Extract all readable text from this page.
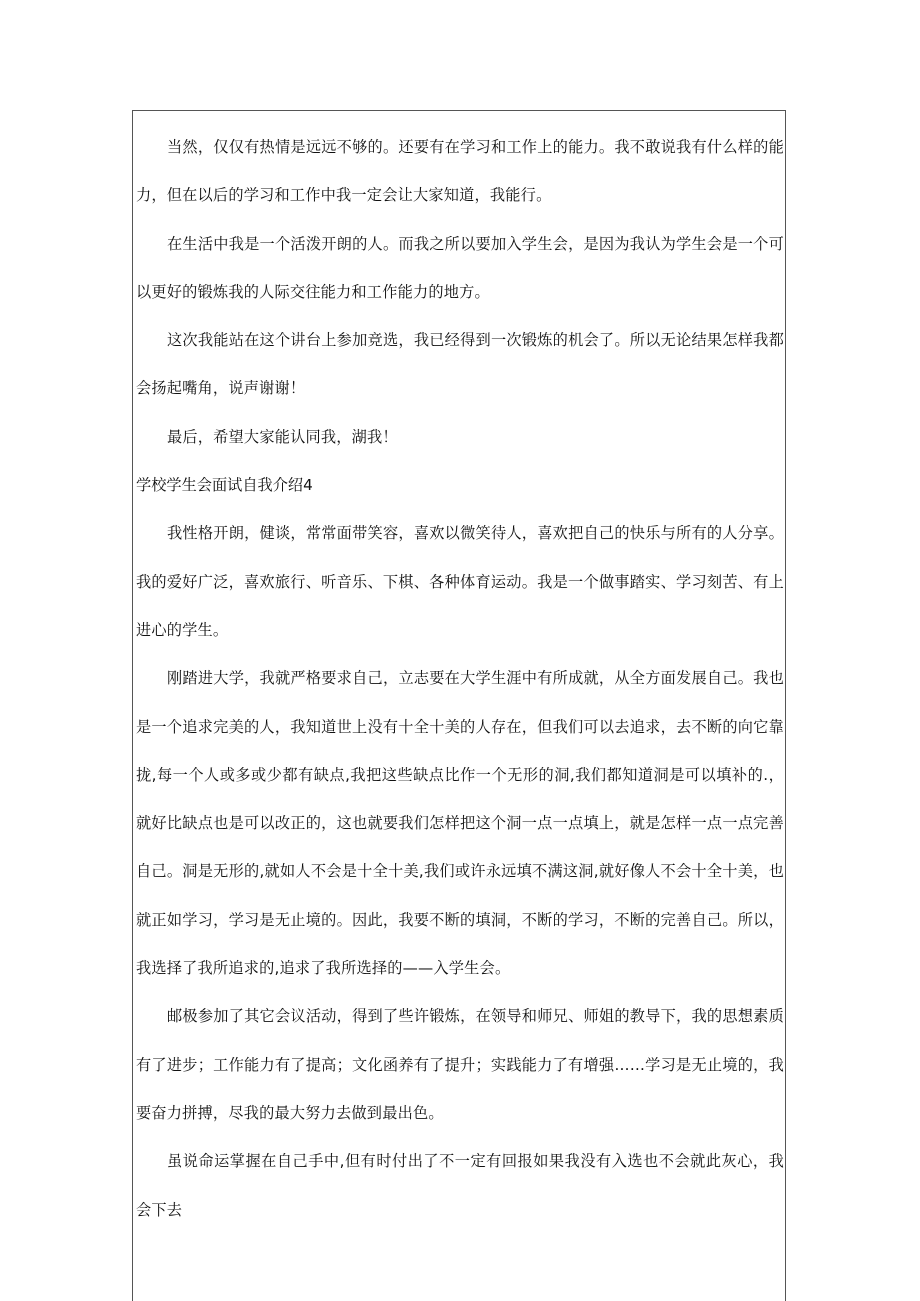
当然，仅仅有热情是远远不够的。还要有在学习和工作上的能力。我不敢说我有什么样的能力，但在以后的学习和工作中我一定会让大家知道，我能行。

在生活中我是一个活泼开朗的人。而我之所以要加入学生会，是因为我认为学生会是一个可以更好的锻炼我的人际交往能力和工作能力的地方。

这次我能站在这个讲台上参加竞选，我已经得到一次锻炼的机会了。所以无论结果怎样我都会扬起嘴角，说声谢谢！

最后，希望大家能认同我，湖我！

学校学生会面试自我介绍4

我性格开朗，健谈，常常面带笑容，喜欢以微笑待人，喜欢把自己的快乐与所有的人分享。我的爱好广泛，喜欢旅行、听音乐、下棋、各种体育运动。我是一个做事踏实、学习刻苦、有上进心的学生。

刚踏进大学，我就严格要求自己，立志要在大学生涯中有所成就，从全方面发展自己。我也是一个追求完美的人，我知道世上没有十全十美的人存在，但我们可以去追求，去不断的向它靠拢,每一个人或多或少都有缺点,我把这些缺点比作一个无形的洞,我们都知道洞是可以填补的.，就好比缺点也是可以改正的，这也就要我们怎样把这个洞一点一点填上，就是怎样一点一点完善自己。洞是无形的,就如人不会是十全十美,我们或许永远填不满这洞,就好像人不会十全十美，也就正如学习，学习是无止境的。因此，我要不断的填洞，不断的学习，不断的完善自己。所以，我选择了我所追求的,追求了我所选择的——入学生会。

邮极参加了其它会议活动，得到了些许锻炼，在领导和师兄、师姐的教导下，我的思想素质有了进步；工作能力有了提高；文化函养有了提升；实践能力了有增强……学习是无止境的，我要奋力拼搏，尽我的最大努力去做到最出色。

虽说命运掌握在自己手中,但有时付出了不一定有回报如果我没有入选也不会就此灰心，我会下去
